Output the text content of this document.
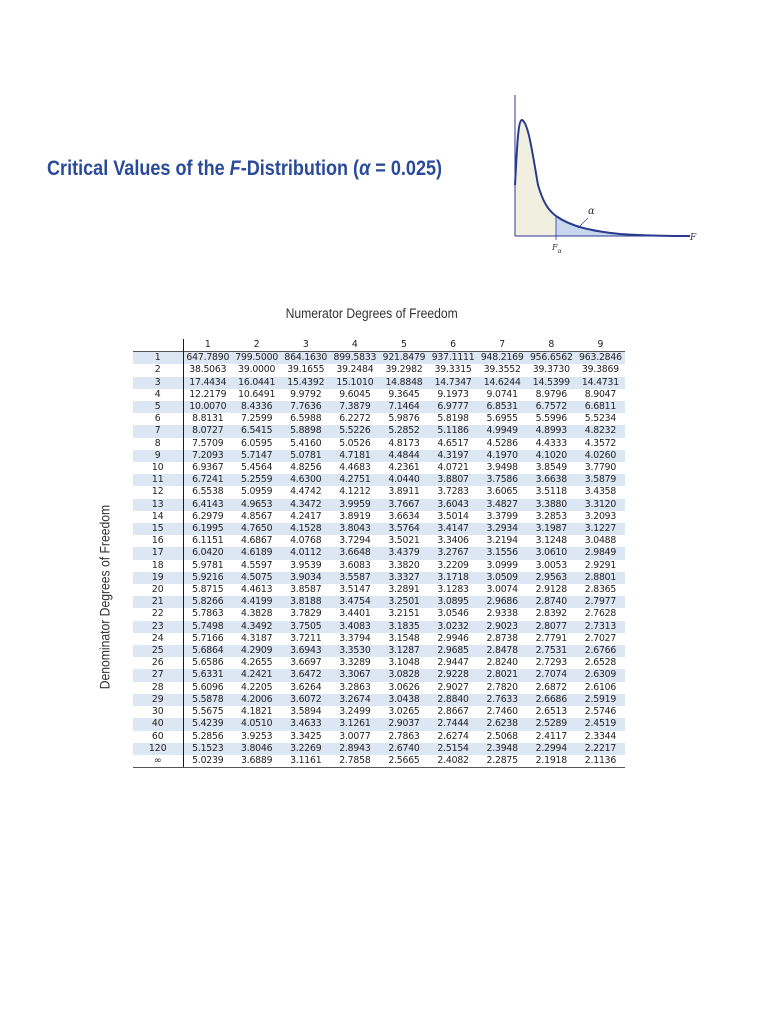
Critical Values of the F-Distribution (α = 0.025)
α
F
$F_\alpha$
Numerator Degrees of Freedom
Denominator Degrees of Freedom
	1	2	3	4	5	6	7	8	9
1	647.7890	799.5000	864.1630	899.5833	921.8479	937.1111	948.2169	956.6562	963.2846
2	38.5063	39.0000	39.1655	39.2484	39.2982	39.3315	39.3552	39.3730	39.3869
3	17.4434	16.0441	15.4392	15.1010	14.8848	14.7347	14.6244	14.5399	14.4731
4	12.2179	10.6491	9.9792	9.6045	9.3645	9.1973	9.0741	8.9796	8.9047
5	10.0070	8.4336	7.7636	7.3879	7.1464	6.9777	6.8531	6.7572	6.6811
6	8.8131	7.2599	6.5988	6.2272	5.9876	5.8198	5.6955	5.5996	5.5234
7	8.0727	6.5415	5.8898	5.5226	5.2852	5.1186	4.9949	4.8993	4.8232
8	7.5709	6.0595	5.4160	5.0526	4.8173	4.6517	4.5286	4.4333	4.3572
9	7.2093	5.7147	5.0781	4.7181	4.4844	4.3197	4.1970	4.1020	4.0260
10	6.9367	5.4564	4.8256	4.4683	4.2361	4.0721	3.9498	3.8549	3.7790
11	6.7241	5.2559	4.6300	4.2751	4.0440	3.8807	3.7586	3.6638	3.5879
12	6.5538	5.0959	4.4742	4.1212	3.8911	3.7283	3.6065	3.5118	3.4358
13	6.4143	4.9653	4.3472	3.9959	3.7667	3.6043	3.4827	3.3880	3.3120
14	6.2979	4.8567	4.2417	3.8919	3.6634	3.5014	3.3799	3.2853	3.2093
15	6.1995	4.7650	4.1528	3.8043	3.5764	3.4147	3.2934	3.1987	3.1227
16	6.1151	4.6867	4.0768	3.7294	3.5021	3.3406	3.2194	3.1248	3.0488
17	6.0420	4.6189	4.0112	3.6648	3.4379	3.2767	3.1556	3.0610	2.9849
18	5.9781	4.5597	3.9539	3.6083	3.3820	3.2209	3.0999	3.0053	2.9291
19	5.9216	4.5075	3.9034	3.5587	3.3327	3.1718	3.0509	2.9563	2.8801
20	5.8715	4.4613	3.8587	3.5147	3.2891	3.1283	3.0074	2.9128	2.8365
21	5.8266	4.4199	3.8188	3.4754	3.2501	3.0895	2.9686	2.8740	2.7977
22	5.7863	4.3828	3.7829	3.4401	3.2151	3.0546	2.9338	2.8392	2.7628
23	5.7498	4.3492	3.7505	3.4083	3.1835	3.0232	2.9023	2.8077	2.7313
24	5.7166	4.3187	3.7211	3.3794	3.1548	2.9946	2.8738	2.7791	2.7027
25	5.6864	4.2909	3.6943	3.3530	3.1287	2.9685	2.8478	2.7531	2.6766
26	5.6586	4.2655	3.6697	3.3289	3.1048	2.9447	2.8240	2.7293	2.6528
27	5.6331	4.2421	3.6472	3.3067	3.0828	2.9228	2.8021	2.7074	2.6309
28	5.6096	4.2205	3.6264	3.2863	3.0626	2.9027	2.7820	2.6872	2.6106
29	5.5878	4.2006	3.6072	3.2674	3.0438	2.8840	2.7633	2.6686	2.5919
30	5.5675	4.1821	3.5894	3.2499	3.0265	2.8667	2.7460	2.6513	2.5746
40	5.4239	4.0510	3.4633	3.1261	2.9037	2.7444	2.6238	2.5289	2.4519
60	5.2856	3.9253	3.3425	3.0077	2.7863	2.6274	2.5068	2.4117	2.3344
120	5.1523	3.8046	3.2269	2.8943	2.6740	2.5154	2.3948	2.2994	2.2217
∞	5.0239	3.6889	3.1161	2.7858	2.5665	2.4082	2.2875	2.1918	2.1136
